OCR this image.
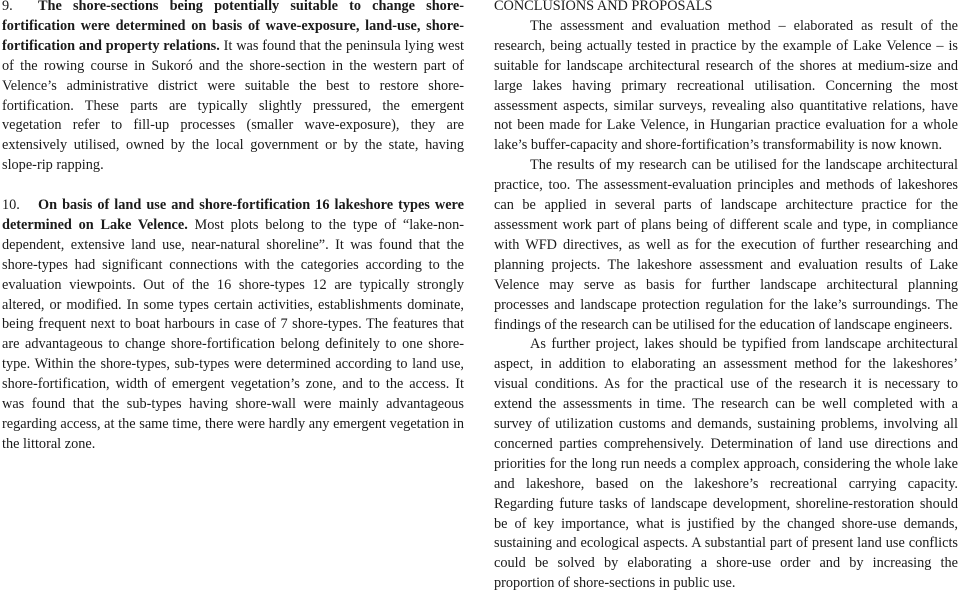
9. The shore-sections being potentially suitable to change shore-fortification were determined on basis of wave-exposure, land-use, shore-fortification and property relations. It was found that the peninsula lying west of the rowing course in Sukoró and the shore-section in the western part of Velence’s administrative district were suitable the best to restore shore-fortification. These parts are typically slightly pressured, the emergent vegetation refer to fill-up processes (smaller wave-exposure), they are extensively utilised, owned by the local government or by the state, having slope-rip rapping.

10. On basis of land use and shore-fortification 16 lakeshore types were determined on Lake Velence. Most plots belong to the type of “lake-non-dependent, extensive land use, near-natural shoreline”. It was found that the shore-types had significant connections with the categories according to the evaluation viewpoints. Out of the 16 shore-types 12 are typically strongly altered, or modified. In some types certain activities, establishments dominate, being frequent next to boat harbours in case of 7 shore-types. The features that are advantageous to change shore-fortification belong definitely to one shore-type. Within the shore-types, sub-types were determined according to land use, shore-fortification, width of emergent vegetation’s zone, and to the access. It was found that the sub-types having shore-wall were mainly advantageous regarding access, at the same time, there were hardly any emergent vegetation in the littoral zone.

CONCLUSIONS AND PROPOSALS

The assessment and evaluation method – elaborated as result of the research, being actually tested in practice by the example of Lake Velence – is suitable for landscape architectural research of the shores at medium-size and large lakes having primary recreational utilisation. Concerning the most assessment aspects, similar surveys, revealing also quantitative relations, have not been made for Lake Velence, in Hungarian practice evaluation for a whole lake’s buffer-capacity and shore-fortification’s transformability is now known.

The results of my research can be utilised for the landscape architectural practice, too. The assessment-evaluation principles and methods of lakeshores can be applied in several parts of landscape architecture practice for the assessment work part of plans being of different scale and type, in compliance with WFD directives, as well as for the execution of further researching and planning projects. The lakeshore assessment and evaluation results of Lake Velence may serve as basis for further landscape architectural planning processes and landscape protection regulation for the lake’s surroundings. The findings of the research can be utilised for the education of landscape engineers.

As further project, lakes should be typified from landscape architectural aspect, in addition to elaborating an assessment method for the lakeshores’ visual conditions. As for the practical use of the research it is necessary to extend the assessments in time. The research can be well completed with a survey of utilization customs and demands, sustaining problems, involving all concerned parties comprehensively. Determination of land use directions and priorities for the long run needs a complex approach, considering the whole lake and lakeshore, based on the lakeshore’s recreational carrying capacity. Regarding future tasks of landscape development, shoreline-restoration should be of key importance, what is justified by the changed shore-use demands, sustaining and ecological aspects. A substantial part of present land use conflicts could be solved by elaborating a shore-use order and by increasing the proportion of shore-sections in public use.
